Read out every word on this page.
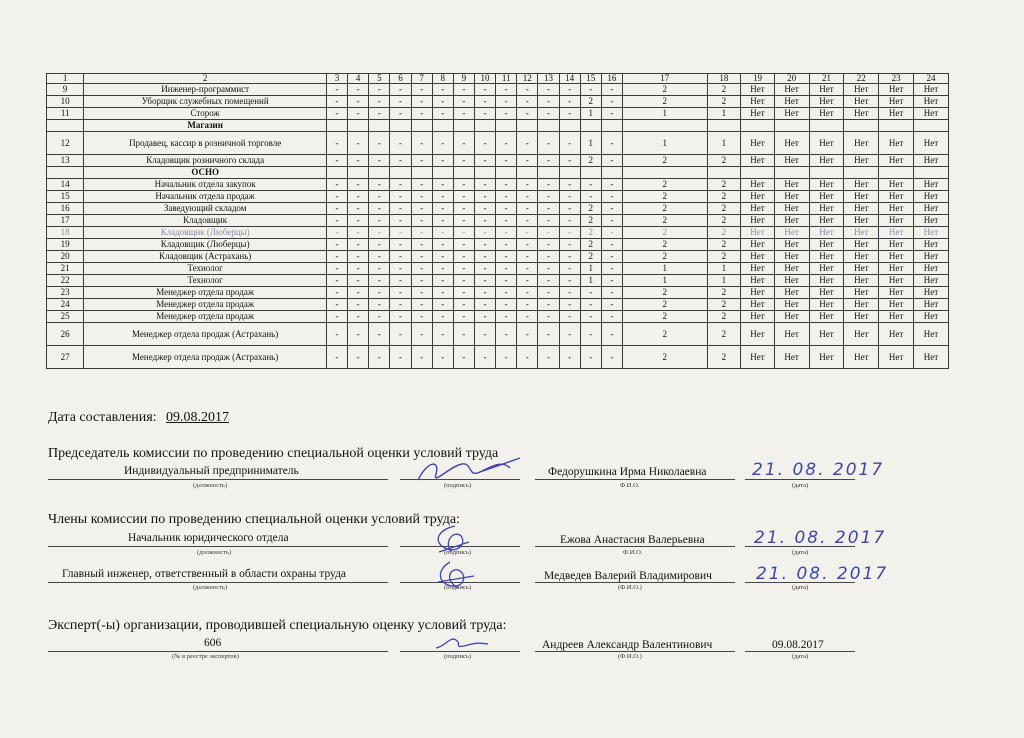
1	2	3	4	5	6	7	8	9	10	11	12	13	14	15	16	17	18	19	20	21	22	23	24
9	Инженер-программист	-	-	-	-	-	-	-	-	-	-	-	-	-	-	2	2	Нет	Нет	Нет	Нет	Нет	Нет
10	Уборщик служебных помещений	-	-	-	-	-	-	-	-	-	-	-	-	2	-	2	2	Нет	Нет	Нет	Нет	Нет	Нет
11	Сторож	-	-	-	-	-	-	-	-	-	-	-	-	1	-	1	1	Нет	Нет	Нет	Нет	Нет	Нет
	Магазин																						
12	Продавец, кассир в розничной торговле	-	-	-	-	-	-	-	-	-	-	-	-	1	-	1	1	Нет	Нет	Нет	Нет	Нет	Нет
13	Кладовщик розничного склада	-	-	-	-	-	-	-	-	-	-	-	-	2	-	2	2	Нет	Нет	Нет	Нет	Нет	Нет
	ОСНО																						
14	Начальник отдела закупок	-	-	-	-	-	-	-	-	-	-	-	-	-	-	2	2	Нет	Нет	Нет	Нет	Нет	Нет
15	Начальник отдела продаж	-	-	-	-	-	-	-	-	-	-	-	-	-	-	2	2	Нет	Нет	Нет	Нет	Нет	Нет
16	Заведующий складом	-	-	-	-	-	-	-	-	-	-	-	-	2	-	2	2	Нет	Нет	Нет	Нет	Нет	Нет
17	Кладовщик	-	-	-	-	-	-	-	-	-	-	-	-	2	-	2	2	Нет	Нет	Нет	Нет	Нет	Нет
18	Кладовщик (Люберцы)	-	-	-	-	-	-	-	-	-	-	-	-	2	-	2	2	Нет	Нет	Нет	Нет	Нет	Нет
19	Кладовщик (Люберцы)	-	-	-	-	-	-	-	-	-	-	-	-	2	-	2	2	Нет	Нет	Нет	Нет	Нет	Нет
20	Кладовщик (Астрахань)	-	-	-	-	-	-	-	-	-	-	-	-	2	-	2	2	Нет	Нет	Нет	Нет	Нет	Нет
21	Технолог	-	-	-	-	-	-	-	-	-	-	-	-	1	-	1	1	Нет	Нет	Нет	Нет	Нет	Нет
22	Технолог	-	-	-	-	-	-	-	-	-	-	-	-	1	-	1	1	Нет	Нет	Нет	Нет	Нет	Нет
23	Менеджер отдела продаж	-	-	-	-	-	-	-	-	-	-	-	-	-	-	2	2	Нет	Нет	Нет	Нет	Нет	Нет
24	Менеджер отдела продаж	-	-	-	-	-	-	-	-	-	-	-	-	-	-	2	2	Нет	Нет	Нет	Нет	Нет	Нет
25	Менеджер отдела продаж	-	-	-	-	-	-	-	-	-	-	-	-	-	-	2	2	Нет	Нет	Нет	Нет	Нет	Нет
26	Менеджер отдела продаж (Астрахань)	-	-	-	-	-	-	-	-	-	-	-	-	-	-	2	2	Нет	Нет	Нет	Нет	Нет	Нет
27	Менеджер отдела продаж (Астрахань)	-	-	-	-	-	-	-	-	-	-	-	-	-	-	2	2	Нет	Нет	Нет	Нет	Нет	Нет
Дата составления: 09.08.2017
Председатель комиссии по проведению специальной оценки условий труда
Индивидуальный предприниматель
(должность)	(подпись)
Федорушкина Ирма Николаевна
Ф.И.О.
21. 08. 2017
(дата)
Члены комиссии по проведению специальной оценки условий труда:
Начальник юридического отдела
(должность)	(подпись)
Ежова Анастасия Валерьевна
Ф.И.О.
21. 08. 2017
(дата)
Главный инженер, ответственный в области охраны труда
(должность)	(подпись)
Медведев Валерий Владимирович
(Ф.И.О.)
21. 08. 2017
(дата)
Эксперт(-ы) организации, проводившей специальную оценку условий труда:
606
(№ в реестре экспертов)	(подпись)
Андреев Александр Валентинович
(Ф.И.О.)
09.08.2017
(дата)
